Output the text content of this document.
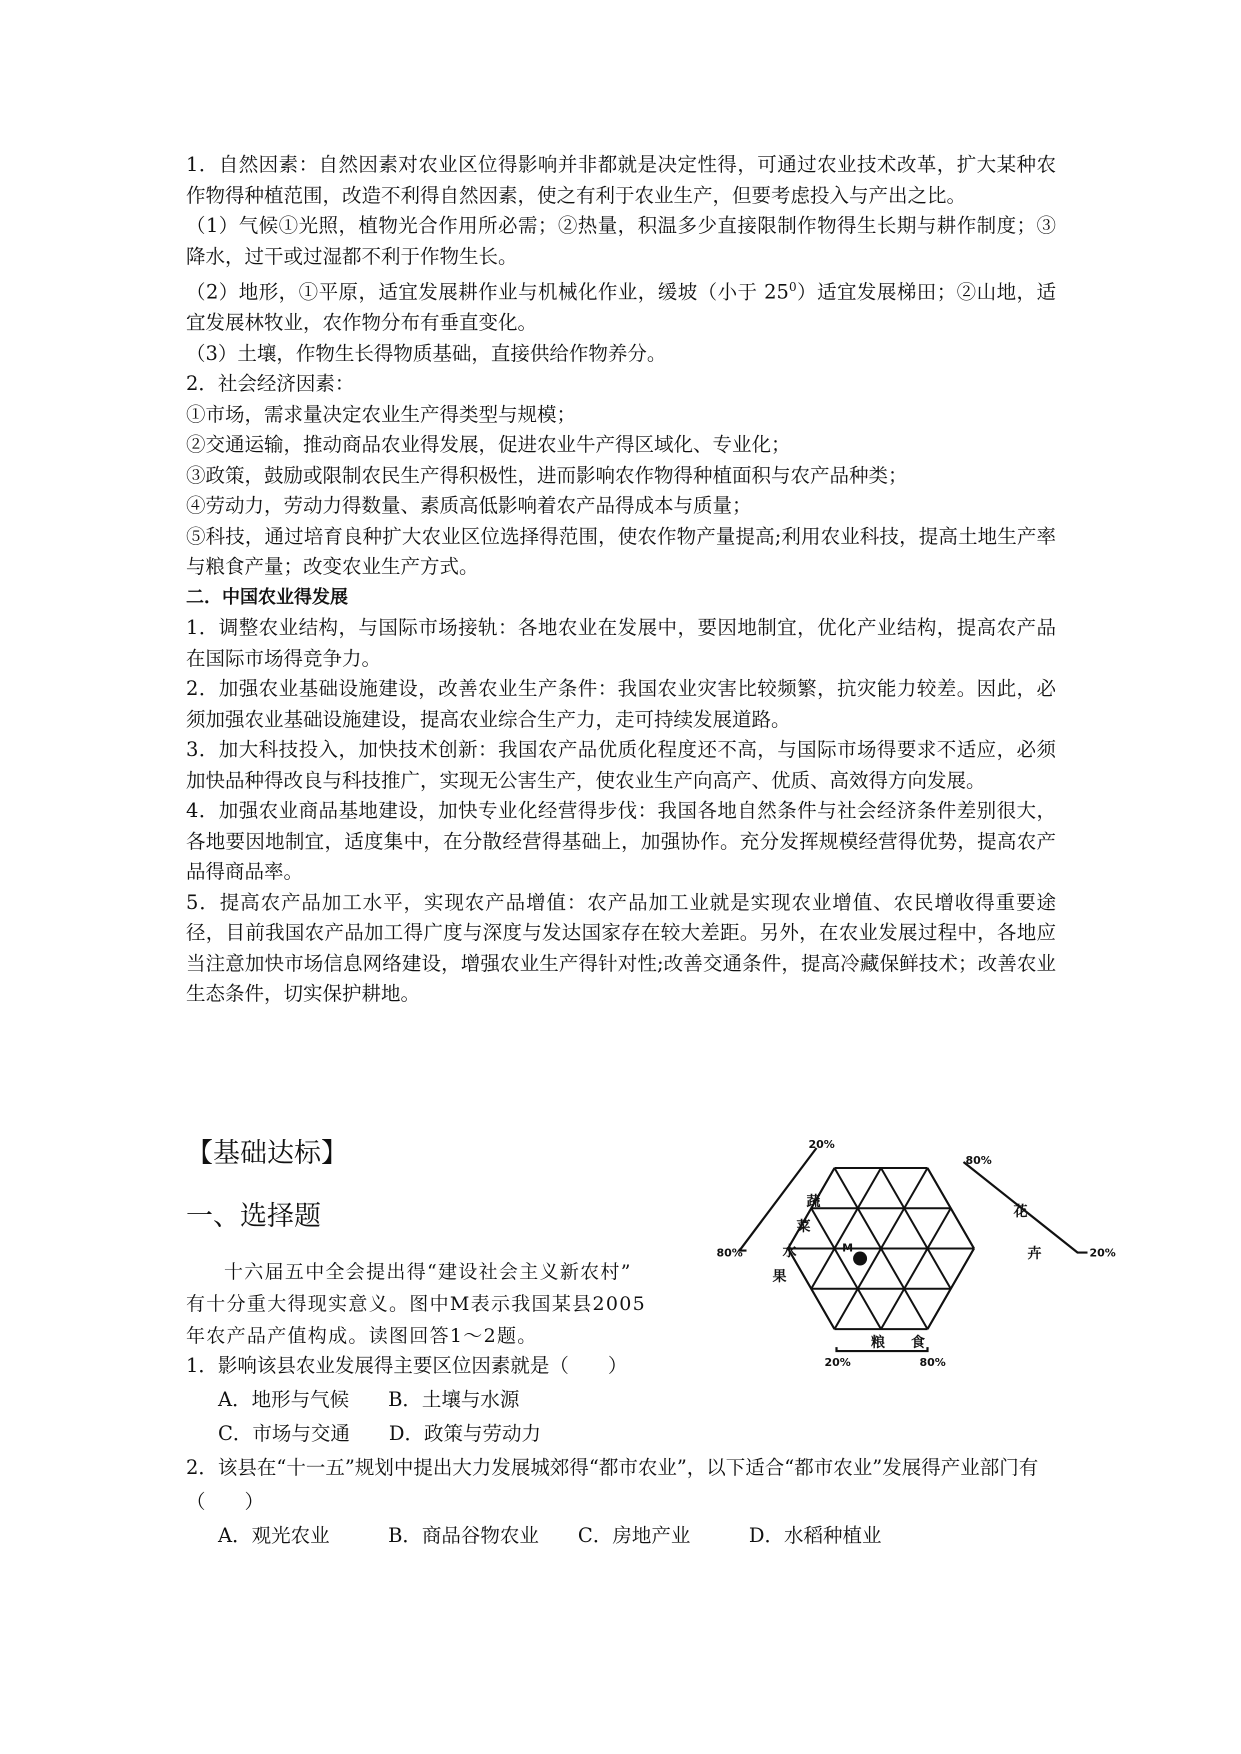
1．自然因素：自然因素对农业区位得影响并非都就是决定性得，可通过农业技术改革，扩大某种农作物得种植范围，改造不利得自然因素，使之有利于农业生产，但要考虑投入与产出之比。

（1）气候①光照，植物光合作用所必需；②热量，积温多少直接限制作物得生长期与耕作制度；③降水，过干或过湿都不利于作物生长。

（2）地形，①平原，适宜发展耕作业与机械化作业，缓坡（小于 $25^0$）适宜发展梯田；②山地，适宜发展林牧业，农作物分布有垂直变化。

（3）土壤，作物生长得物质基础，直接供给作物养分。

2．社会经济因素：

①市场，需求量决定农业生产得类型与规模；

②交通运输，推动商品农业得发展，促进农业牛产得区域化、专业化；

③政策，鼓励或限制农民生产得积极性，进而影响农作物得种植面积与农产品种类；

④劳动力，劳动力得数量、素质高低影响着农产品得成本与质量；

⑤科技，通过培育良种扩大农业区位选择得范围，使农作物产量提高;利用农业科技，提高土地生产率与粮食产量；改变农业生产方式。

二．中国农业得发展

1．调整农业结构，与国际市场接轨：各地农业在发展中，要因地制宜，优化产业结构，提高农产品在国际市场得竞争力。

2．加强农业基础设施建设，改善农业生产条件：我国农业灾害比较频繁，抗灾能力较差。因此，必须加强农业基础设施建设，提高农业综合生产力，走可持续发展道路。

3．加大科技投入，加快技术创新：我国农产品优质化程度还不高，与国际市场得要求不适应，必须加快品种得改良与科技推广，实现无公害生产，使农业生产向高产、优质、高效得方向发展。

4．加强农业商品基地建设，加快专业化经营得步伐：我国各地自然条件与社会经济条件差别很大，各地要因地制宜，适度集中，在分散经营得基础上，加强协作。充分发挥规模经营得优势，提高农产品得商品率。

5．提高农产品加工水平，实现农产品增值：农产品加工业就是实现农业增值、农民增收得重要途径，目前我国农产品加工得广度与深度与发达国家存在较大差距。另外，在农业发展过程中，各地应当注意加快市场信息网络建设，增强农业生产得针对性;改善交通条件，提高冷藏保鲜技术；改善农业生态条件，切实保护耕地。

【基础达标】

一、选择题

十六届五中全会提出得“建设社会主义新农村”

有十分重大得现实意义。图中M表示我国某县2005

年农产品产值构成。读图回答1～2题。

1．影响该县农业发展得主要区位因素就是（　　）

A．地形与气候　　B．土壤与水源

C．市场与交通　　D．政策与劳动力

2．该县在“十一五”规划中提出大力发展城郊得“都市农业”，以下适合“都市农业”发展得产业部门有（　　）

A．观光农业　　　B．商品谷物农业　　C．房地产业　　　D．水稻种植业

20%
80%
80%	20%
20%	80%
蔬
菜
水
果
花
卉
粮 食
M
